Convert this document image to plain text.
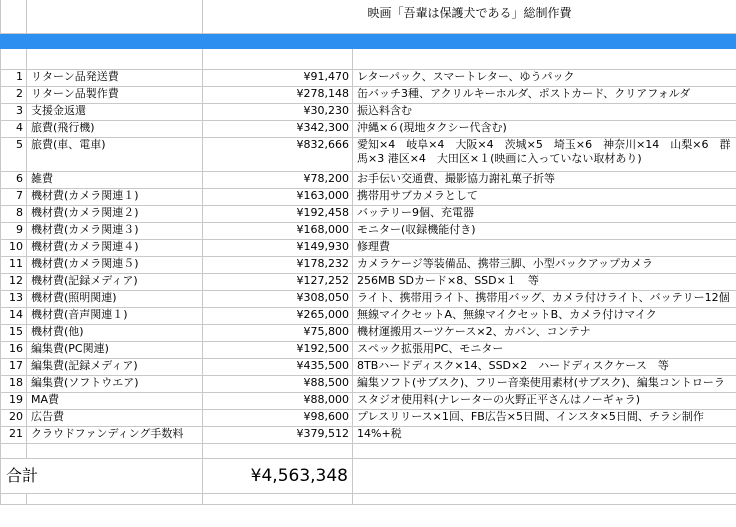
		映画「吾輩は保護犬である」総制作費	

1	リターン品発送費	¥91,470	レターパック、スマートレター、ゆうパック
2	リターン品製作費	¥278,148	缶バッチ3種、アクリルキーホルダ、ポストカード、クリアフォルダ
3	支援金返還	¥30,230	振込料含む
4	旅費(飛行機)	¥342,300	沖縄×６(現地タクシー代含む)
5	旅費(車、電車)	¥832,666	愛知×4　岐阜×4　大阪×4　茨城×5　埼玉×6　神奈川×14　山梨×6　群馬×3 港区×4　大田区×１(映画に入っていない取材あり)
6	雑費	¥78,200	お手伝い交通費、撮影協力謝礼菓子折等
7	機材費(カメラ関連１)	¥163,000	携帯用サブカメラとして
8	機材費(カメラ関連２)	¥192,458	バッテリー9個、充電器
9	機材費(カメラ関連３)	¥168,000	モニター(収録機能付き)
10	機材費(カメラ関連４)	¥149,930	修理費
11	機材費(カメラ関連５)	¥178,232	カメラケージ等装備品、携帯三脚、小型バックアップカメラ
12	機材費(記録メディア)	¥127,252	256MB SDカード×8、SSD×１　等
13	機材費(照明関連)	¥308,050	ライト、携帯用ライト、携帯用バッグ、カメラ付けライト、バッテリー12個
14	機材費(音声関連１)	¥265,000	無線マイクセットA、無線マイクセットB、カメラ付けマイク
15	機材費(他)	¥75,800	機材運搬用スーツケース×2、カバン、コンテナ
16	編集費(PC関連)	¥192,500	スペック拡張用PC、モニター
17	編集費(記録メディア)	¥435,500	8TBハードディスク×14、SSD×2　ハードディスクケース　等
18	編集費(ソフトウエア)	¥88,500	編集ソフト(サブスク)、フリー音楽使用素材(サブスク)、編集コントローラ
19	MA費	¥88,000	スタジオ使用料(ナレーターの火野正平さんはノーギャラ)
20	広告費	¥98,600	プレスリリース×1回、FB広告×5日間、インスタ×5日間、チラシ制作
21	クラウドファンディング手数料	¥379,512	14%+税

合計		¥4,563,348	
